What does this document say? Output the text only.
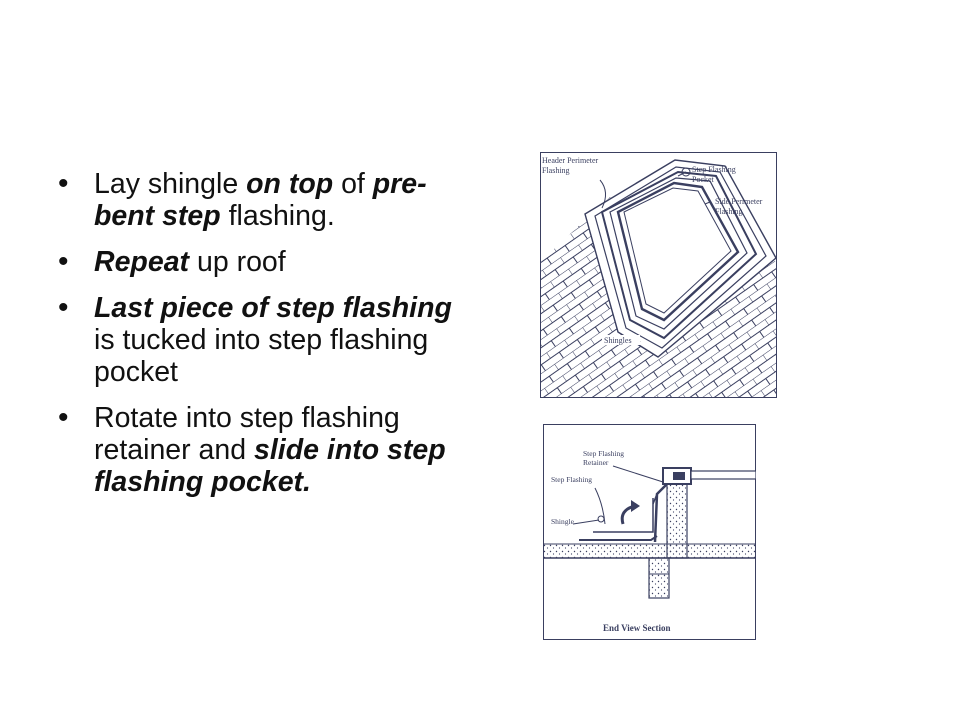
• Lay shingle on top of pre-bent step flashing.
• Repeat up roof
• Last piece of step flashing is tucked into step flashing pocket
• Rotate into step flashing retainer and slide into step flashing pocket.
Header Perimeter
Flashing	Step Flashing
Pocket
Side Perimeter
Flashing
Shingles
Step Flashing
Retainer
Step Flashing
Shingle
End View Section
